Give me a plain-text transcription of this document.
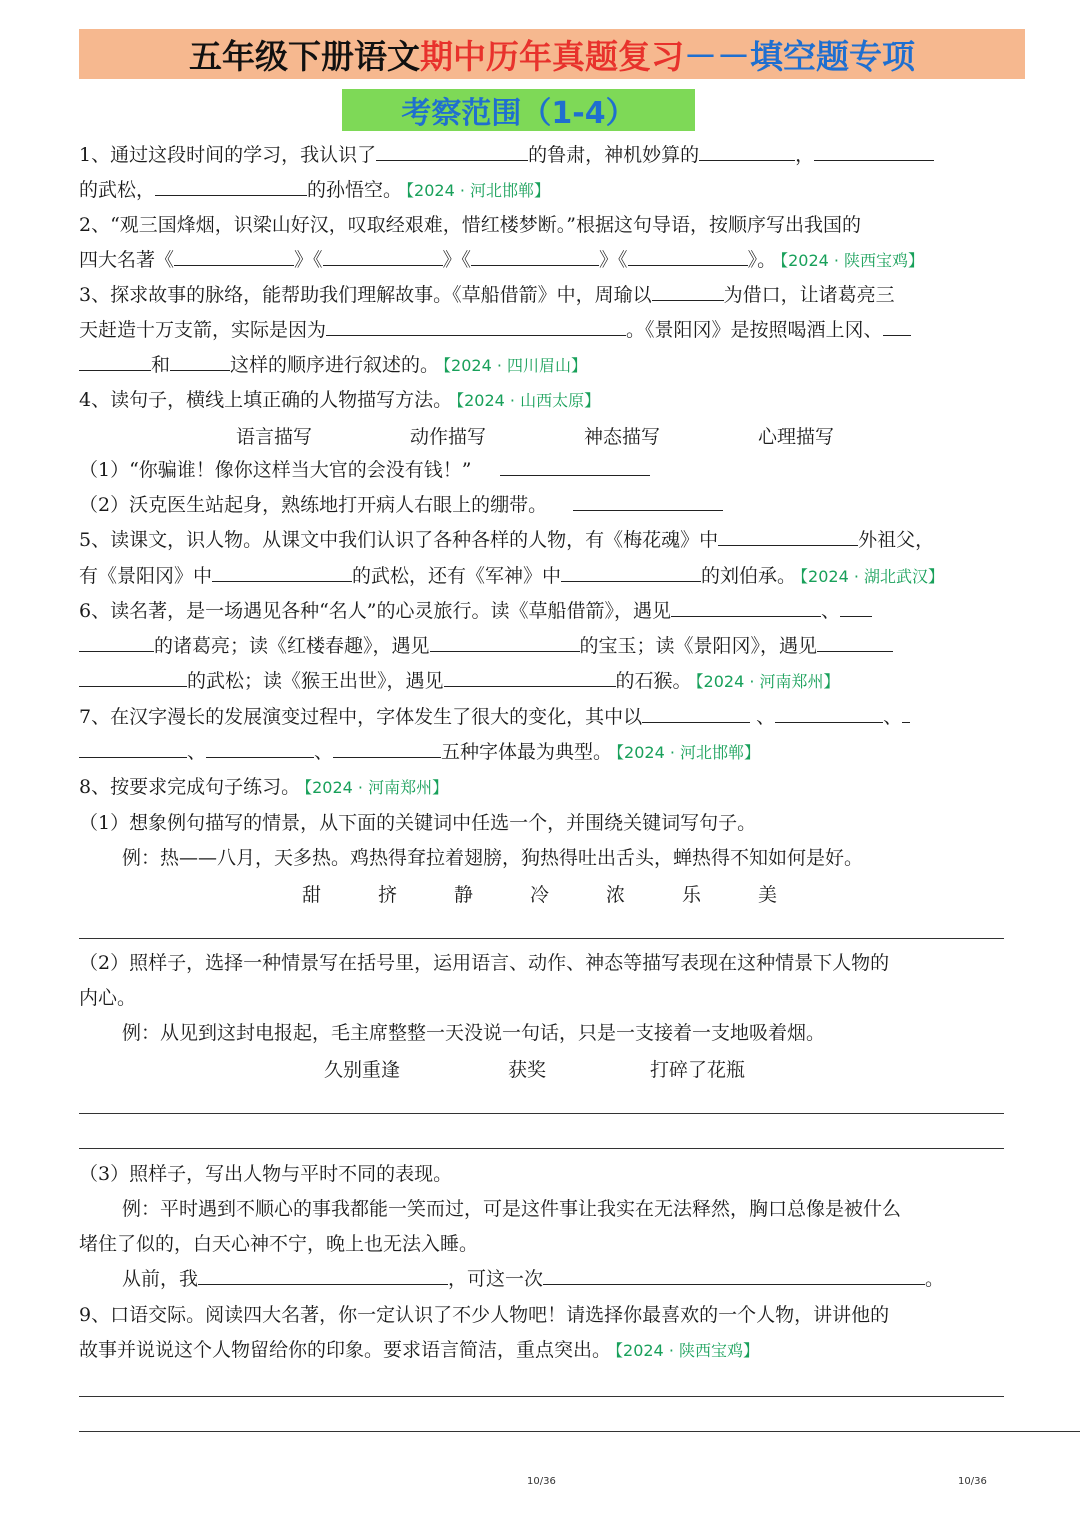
五年级下册语文 期中历年真题复习 －－填空题专项
考察范围（1-4）
1、通过这段时间的学习，我认识了	的鲁肃，神机妙算的	，
的武松，	的孙悟空。 【2024 · 河北邯郸】
2、“观三国烽烟，识梁山好汉，叹取经艰难，惜红楼梦断。”根据这句导语，按顺序写出我国的
四大名著《	》《	》《	》《	》。 【2024 · 陕西宝鸡】
3、探求故事的脉络，能帮助我们理解故事。《草船借箭》中，周瑜以	为借口，让诸葛亮三
天赶造十万支箭，实际是因为	。《景阳冈》是按照喝酒上冈、
和	这样的顺序进行叙述的。 【2024 · 四川眉山】
4、读句子，横线上填正确的人物描写方法。 【2024 · 山西太原】
语言描写	动作描写	神态描写	心理描写
（1）“你骗谁！像你这样当大官的会没有钱！”
（2）沃克医生站起身，熟练地打开病人右眼上的绷带。
5、读课文，识人物。从课文中我们认识了各种各样的人物，有《梅花魂》中	外祖父，
有《景阳冈》中	的武松，还有《军神》中	的刘伯承。 【2024 · 湖北武汉】
6、读名著，是一场遇见各种“名人”的心灵旅行。读《草船借箭》，遇见	、
的诸葛亮；读《红楼春趣》，遇见	的宝玉；读《景阳冈》，遇见
的武松；读《猴王出世》，遇见	的石猴。 【2024 · 河南郑州】
7、在汉字漫长的发展演变过程中，字体发生了很大的变化，其中以	、	、
、	、	五种字体最为典型。 【2024 · 河北邯郸】
8、按要求完成句子练习。 【2024 · 河南郑州】
（1）想象例句描写的情景，从下面的关键词中任选一个，并围绕关键词写句子。
例：热——八月，天多热。鸡热得耷拉着翅膀，狗热得吐出舌头，蝉热得不知如何是好。
甜	挤	静	冷	浓	乐	美
（2）照样子，选择一种情景写在括号里，运用语言、动作、神态等描写表现在这种情景下人物的
内心。
例：从见到这封电报起，毛主席整整一天没说一句话，只是一支接着一支地吸着烟。
久别重逢	获奖	打碎了花瓶
（3）照样子，写出人物与平时不同的表现。
例：平时遇到不顺心的事我都能一笑而过，可是这件事让我实在无法释然，胸口总像是被什么
堵住了似的，白天心神不宁，晚上也无法入睡。
从前，我	，可这一次	。
9、口语交际。阅读四大名著，你一定认识了不少人物吧！请选择你最喜欢的一个人物，讲讲他的
故事并说说这个人物留给你的印象。要求语言简洁，重点突出。 【2024 · 陕西宝鸡】
10/36	10/36
